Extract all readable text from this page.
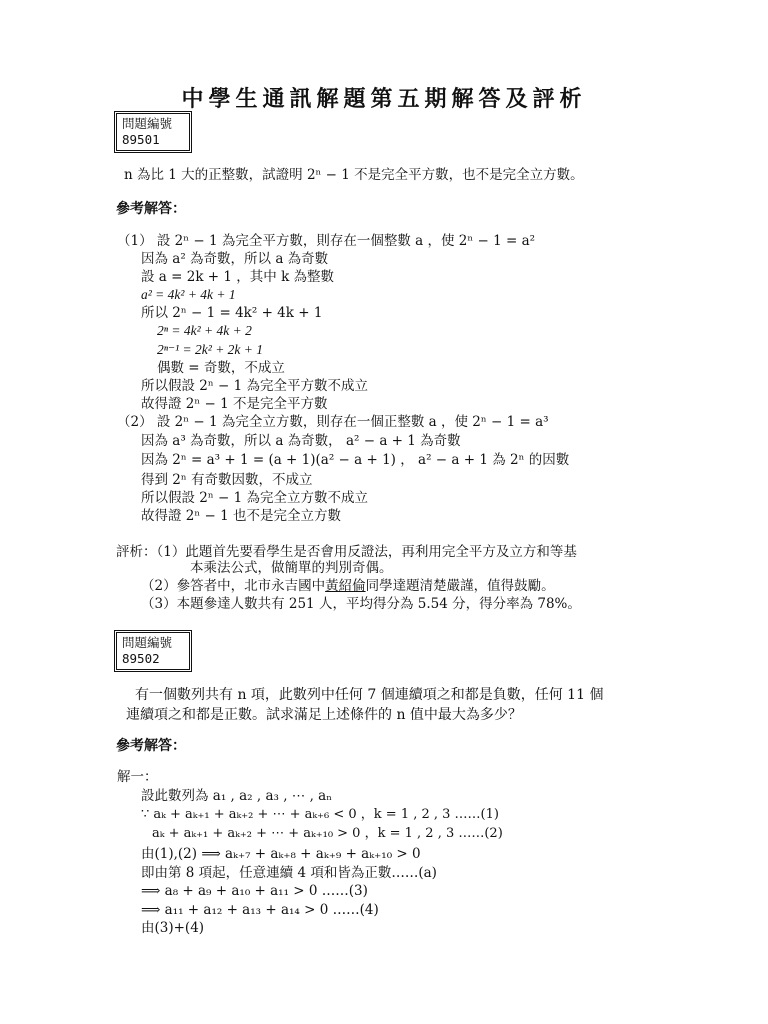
中學生通訊解題第五期解答及評析
問題編號
89501
n 為比 1 大的正整數，試證明 2ⁿ − 1 不是完全平方數，也不是完全立方數。
參考解答：
（1） 設 2ⁿ − 1 為完全平方數，則存在一個整數 a ，使 2ⁿ − 1 = a²
因為 a² 為奇數，所以 a 為奇數
設 a = 2k + 1 ，其中 k 為整數
a² = 4k² + 4k + 1
所以 2ⁿ − 1 = 4k² + 4k + 1
2ⁿ = 4k² + 4k + 2
2ⁿ⁻¹ = 2k² + 2k + 1
偶數 = 奇數，不成立
所以假設 2ⁿ − 1 為完全平方數不成立
故得證 2ⁿ − 1 不是完全平方數
（2） 設 2ⁿ − 1 為完全立方數，則存在一個正整數 a ，使 2ⁿ − 1 = a³
因為 a³ 為奇數，所以 a 為奇數， a² − a + 1 為奇數
因為 2ⁿ = a³ + 1 = (a + 1)(a² − a + 1) ， a² − a + 1 為 2ⁿ 的因數
得到 2ⁿ 有奇數因數，不成立
所以假設 2ⁿ − 1 為完全立方數不成立
故得證 2ⁿ − 1 也不是完全立方數
評析：（1）此題首先要看學生是否會用反證法，再利用完全平方及立方和等基
本乘法公式，做簡單的判別奇偶。
（2）參答者中，北市永吉國中黃紹倫同學達題清楚嚴謹，值得鼓勵。
（3）本題參達人數共有 251 人，平均得分為 5.54 分，得分率為 78%。
問題編號
89502
有一個數列共有 n 項，此數列中任何 7 個連續項之和都是負數，任何 11 個
連續項之和都是正數。試求滿足上述條件的 n 值中最大為多少？
參考解答：
解一：
設此數列為 a₁ , a₂ , a₃ , ⋯ , aₙ
∵ aₖ + aₖ₊₁ + aₖ₊₂ + ⋯ + aₖ₊₆ < 0 ，k = 1 , 2 , 3 ……(1)
aₖ + aₖ₊₁ + aₖ₊₂ + ⋯ + aₖ₊₁₀ > 0 ，k = 1 , 2 , 3 ……(2)
由(1),(2) ⟹ aₖ₊₇ + aₖ₊₈ + aₖ₊₉ + aₖ₊₁₀ > 0
即由第 8 項起，任意連續 4 項和皆為正數……(a)
⟹ a₈ + a₉ + a₁₀ + a₁₁ > 0 ……(3)
⟹ a₁₁ + a₁₂ + a₁₃ + a₁₄ > 0 ……(4)
由(3)+(4)
